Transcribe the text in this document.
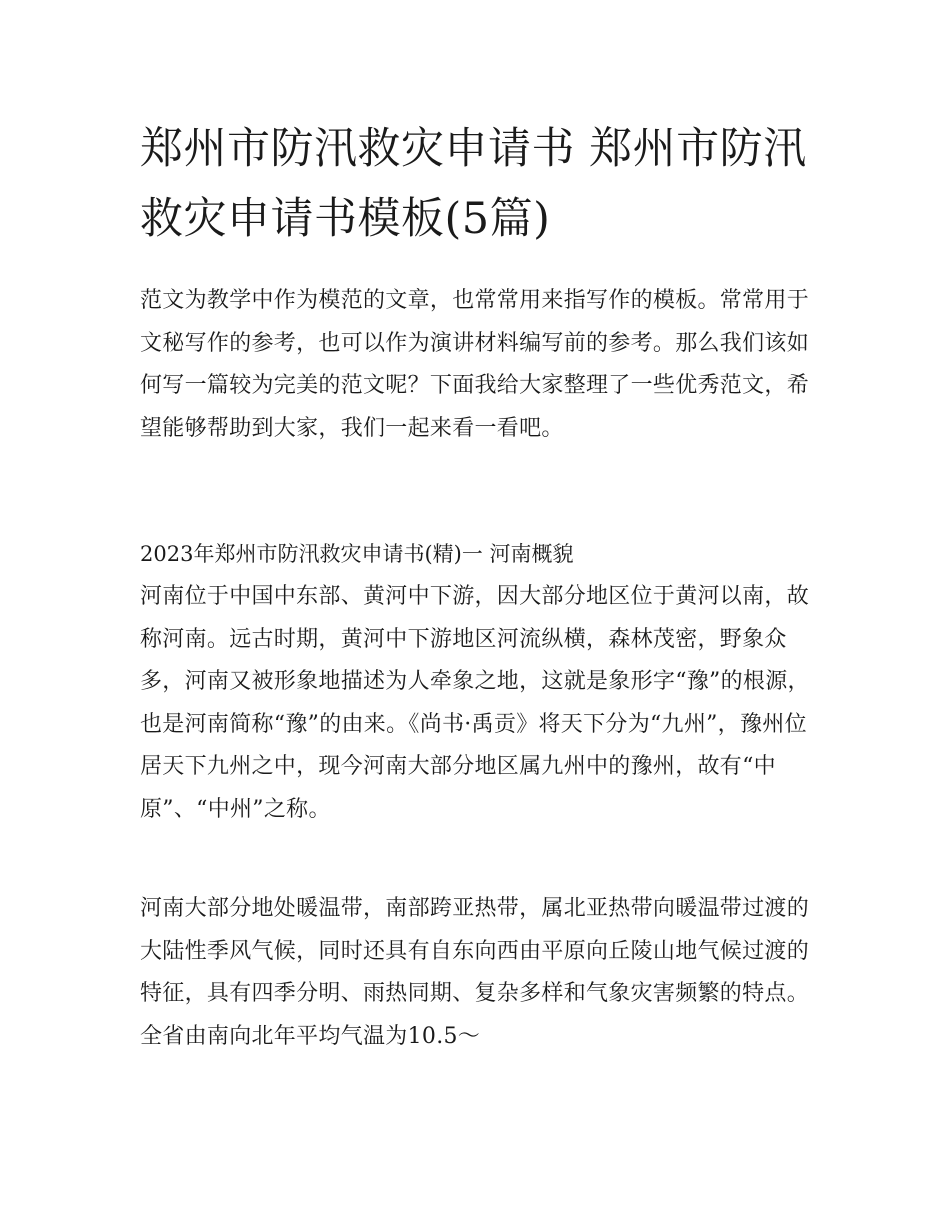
郑州市防汛救灾申请书 郑州市防汛救灾申请书模板(5篇)

范文为教学中作为模范的文章，也常常用来指写作的模板。常常用于文秘写作的参考，也可以作为演讲材料编写前的参考。那么我们该如何写一篇较为完美的范文呢？下面我给大家整理了一些优秀范文，希望能够帮助到大家，我们一起来看一看吧。

2023年郑州市防汛救灾申请书(精)一 河南概貌

河南位于中国中东部、黄河中下游，因大部分地区位于黄河以南，故称河南。远古时期，黄河中下游地区河流纵横，森林茂密，野象众多，河南又被形象地描述为人牵象之地，这就是象形字“豫”的根源，也是河南简称“豫”的由来。《尚书·禹贡》将天下分为“九州”，豫州位居天下九州之中，现今河南大部分地区属九州中的豫州，故有“中原”、“中州”之称。

河南大部分地处暖温带，南部跨亚热带，属北亚热带向暖温带过渡的大陆性季风气候，同时还具有自东向西由平原向丘陵山地气候过渡的特征，具有四季分明、雨热同期、复杂多样和气象灾害频繁的特点。全省由南向北年平均气温为10.5～
